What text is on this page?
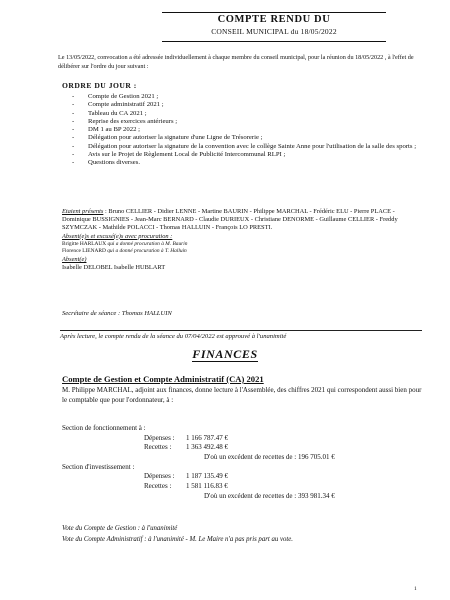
COMPTE RENDU DU
CONSEIL MUNICIPAL du 18/05/2022
Le 13/05/2022, convocation a été adressée individuellement à chaque membre du conseil municipal, pour la réunion du 18/05/2022 , à l'effet de délibérer sur l'ordre du jour suivant :
ORDRE DU JOUR :
- Compte de Gestion 2021 ;
- Compte administratif 2021 ;
- Tableau du CA 2021 ;
- Reprise des exercices antérieurs ;
- DM 1 au BP 2022 ;
- Délégation pour autoriser la signature d'une Ligne de Trésorerie ;
- Délégation pour autoriser la signature de la convention avec le collège Sainte Anne pour l'utilisation de la salle des sports ;
- Avis sur le Projet de Règlement Local de Publicité Intercommunal RLPI ;
- Questions diverses.
Etaient présents : Bruno CELLIER - Didier LENNE - Martine BAURIN - Philippe MARCHAL - Frédéric ELU - Pierre PLACE - Dominique BUSSIGNIES - Jean-Marc BERNARD - Claudie DURIEUX - Christiane DENORME - Guillaume CELLIER - Freddy SZYMCZAK - Mathilde POLACCI - Thomas HALLUIN - François LO PRESTI.
Absent(e)s et excusé(e)s avec procuration :
Brigitte HARLAUX qui a donné procuration à M. Baurin
Florence LIENARD qui a donné procuration à T. Halluin
Absent(e)
Isabelle DELOBEL Isabelle HUBLART
Secrétaire de séance : Thomas HALLUIN
Après lecture, le compte rendu de la séance du 07/04/2022 est approuvé à l'unanimité
FINANCES
Compte de Gestion et Compte Administratif (CA) 2021
M. Philippe MARCHAL, adjoint aux finances, donne lecture à l'Assemblée, des chiffres 2021 qui correspondent aussi bien pour le comptable que pour l'ordonnateur, à :
Section de fonctionnement à :
Dépenses : 1 166 787.47 €
Recettes : 1 363 492.48 €
D'où un excédent de recettes de : 196 705.01 €
Section d'investissement :
Dépenses : 1 187 135.49 €
Recettes : 1 581 116.83 €
D'où un excédent de recettes de : 393 981.34 €
Vote du Compte de Gestion : à l'unanimité
Vote du Compte Administratif : à l'unanimité - M. Le Maire n'a pas pris part au vote.
1
